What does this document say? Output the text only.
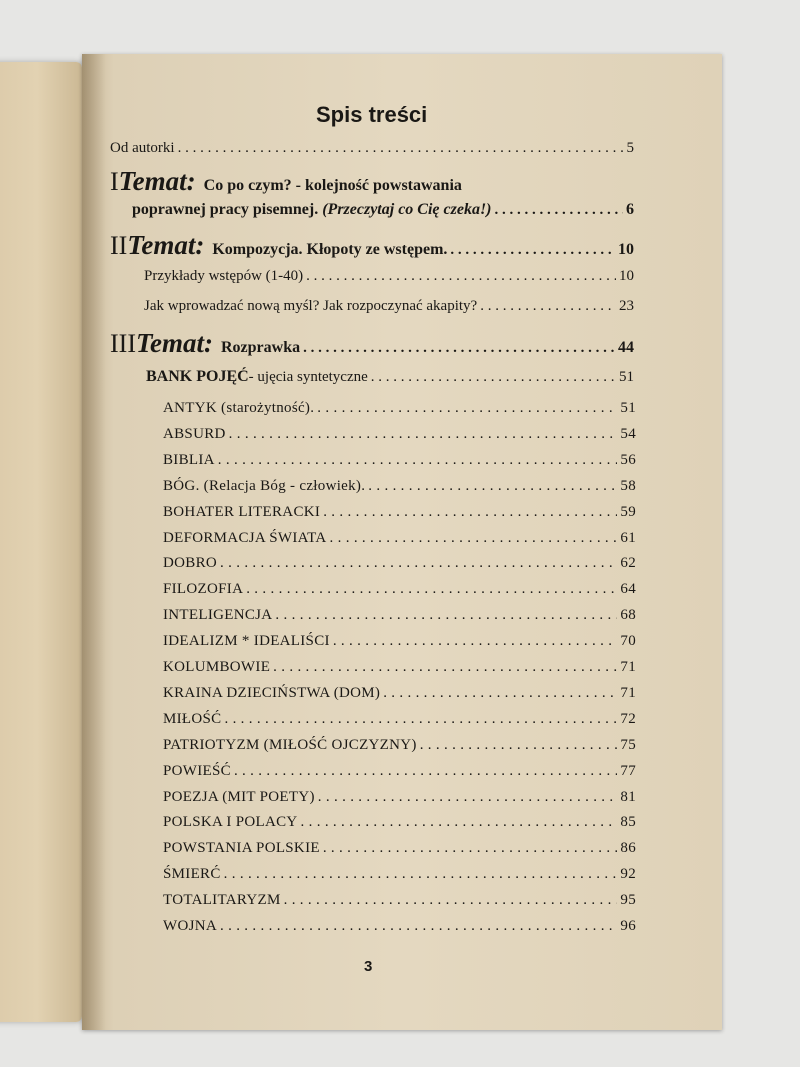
Spis treści
Od autorki . . .	5
I Temat: Co po czym? - kolejność powstawania
poprawnej pracy pisemnej.
(Przeczytaj co Cię czeka!) . . .	6
II Temat: Kompozycja. Kłopoty ze wstępem. . . .	10
Przykłady wstępów (1-40) . . .	10
Jak wprowadzać nową myśl? Jak rozpoczynać akapity? . . .	23
III Temat: Rozprawka . . .	44
BANK POJĘĆ - ujęcia syntetyczne . . .	51
ANTYK (starożytność). . . .	51
ABSURD . . .	54
BIBLIA . . .	56
BÓG. (Relacja Bóg - człowiek). . . .	58
BOHATER LITERACKI . . .	59
DEFORMACJA ŚWIATA . . .	61
DOBRO . . .	62
FILOZOFIA . . .	64
INTELIGENCJA . . .	68
IDEALIZM * IDEALIŚCI . . .	70
KOLUMBOWIE . . .	71
KRAINA DZIECIŃSTWA (DOM) . . .	71
MIŁOŚĆ . . .	72
PATRIOTYZM (MIŁOŚĆ OJCZYZNY) . . .	75
POWIEŚĆ . . .	77
POEZJA (MIT POETY) . . .	81
POLSKA I POLACY . . .	85
POWSTANIA POLSKIE . . .	86
ŚMIERĆ . . .	92
TOTALITARYZM . . .	95
WOJNA . . .	96
3
